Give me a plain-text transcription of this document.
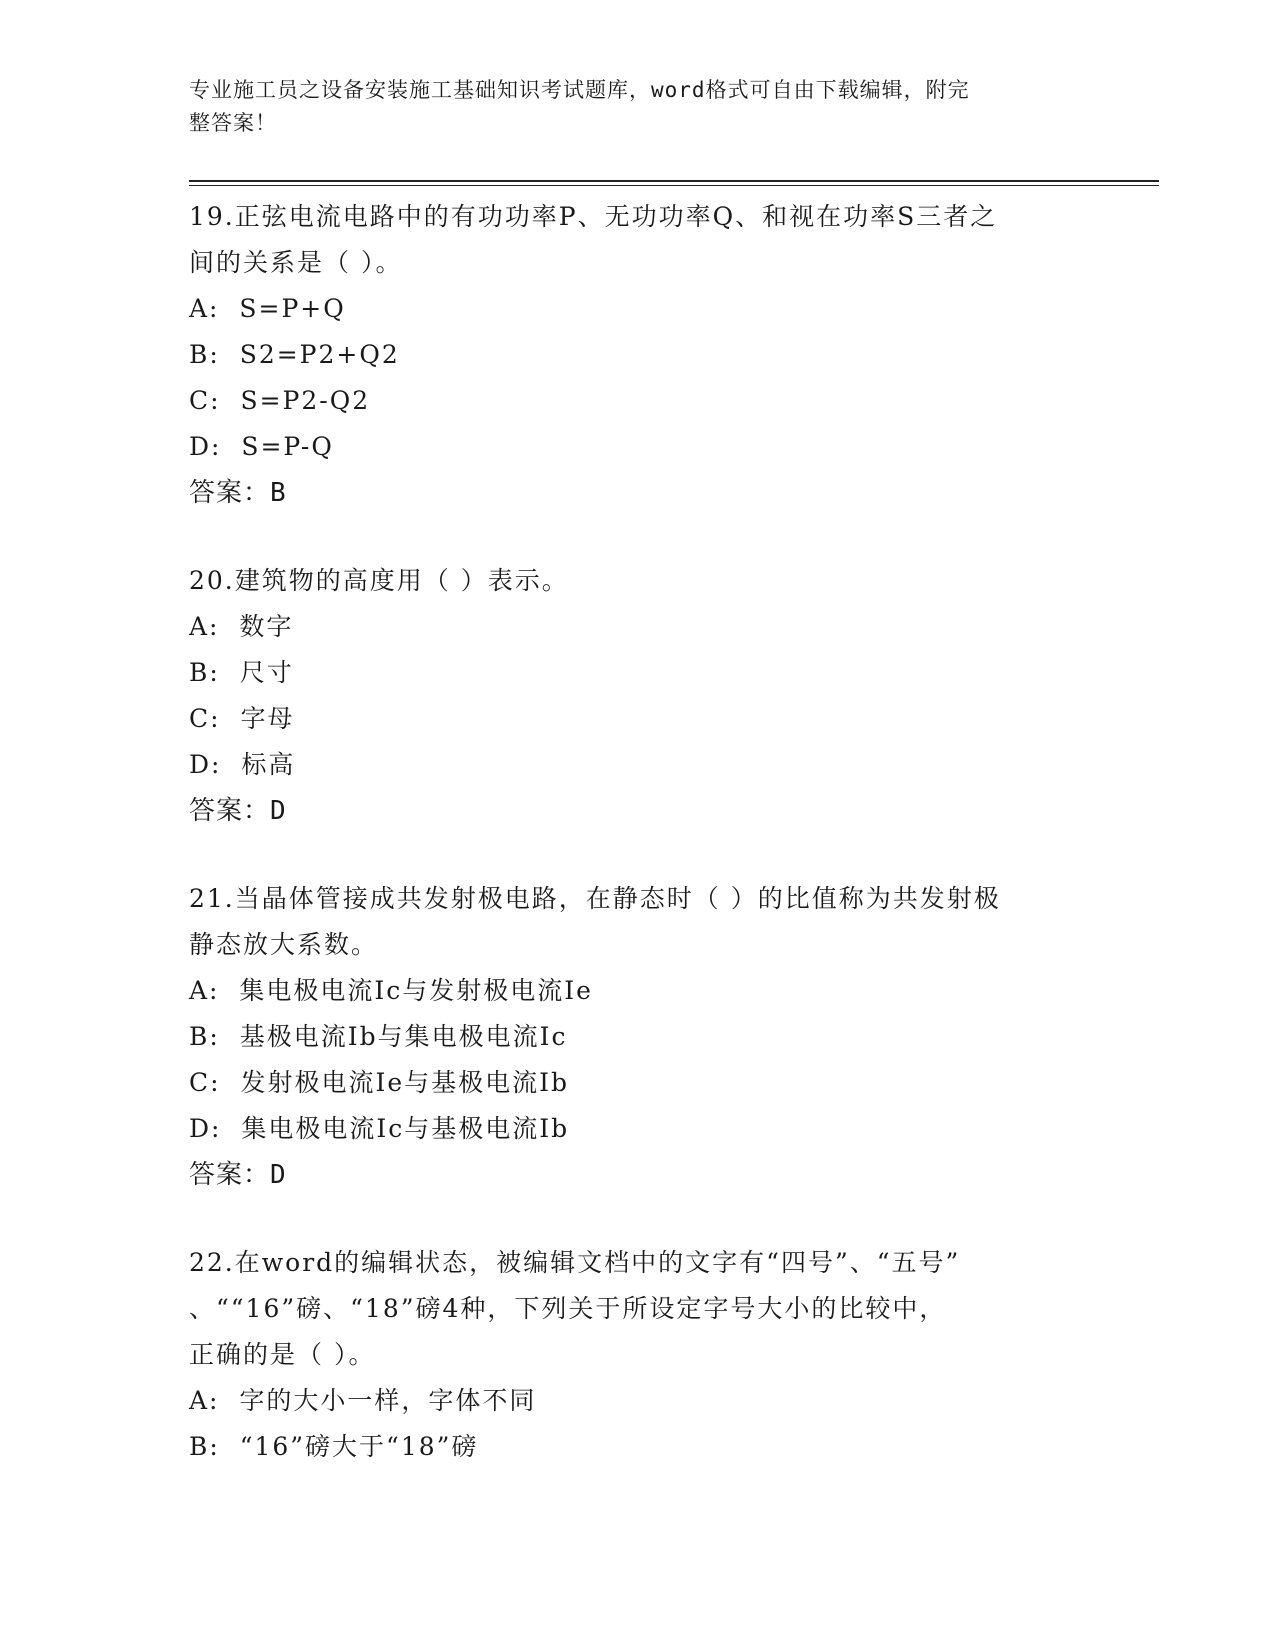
专业施工员之设备安装施工基础知识考试题库，word格式可自由下载编辑，附完
整答案！
19.正弦电流电路中的有功功率P、无功功率Q、和视在功率S三者之
间的关系是（ ）。
A:  S=P+Q
B:  S2=P2+Q2
C:  S=P2-Q2
D:  S=P-Q
答案：B
20.建筑物的高度用（ ）表示。
A:  数字
B:  尺寸
C:  字母
D:  标高
答案：D
21.当晶体管接成共发射极电路，在静态时（ ）的比值称为共发射极
静态放大系数。
A:  集电极电流Ic与发射极电流Ie
B:  基极电流Ib与集电极电流Ic
C:  发射极电流Ie与基极电流Ib
D:  集电极电流Ic与基极电流Ib
答案：D
22.在word的编辑状态，被编辑文档中的文字有“四号”、“五号”
、““16”磅、“18”磅4种，下列关于所设定字号大小的比较中，
正确的是（ ）。
A:  字的大小一样，字体不同
B:  “16”磅大于“18”磅
